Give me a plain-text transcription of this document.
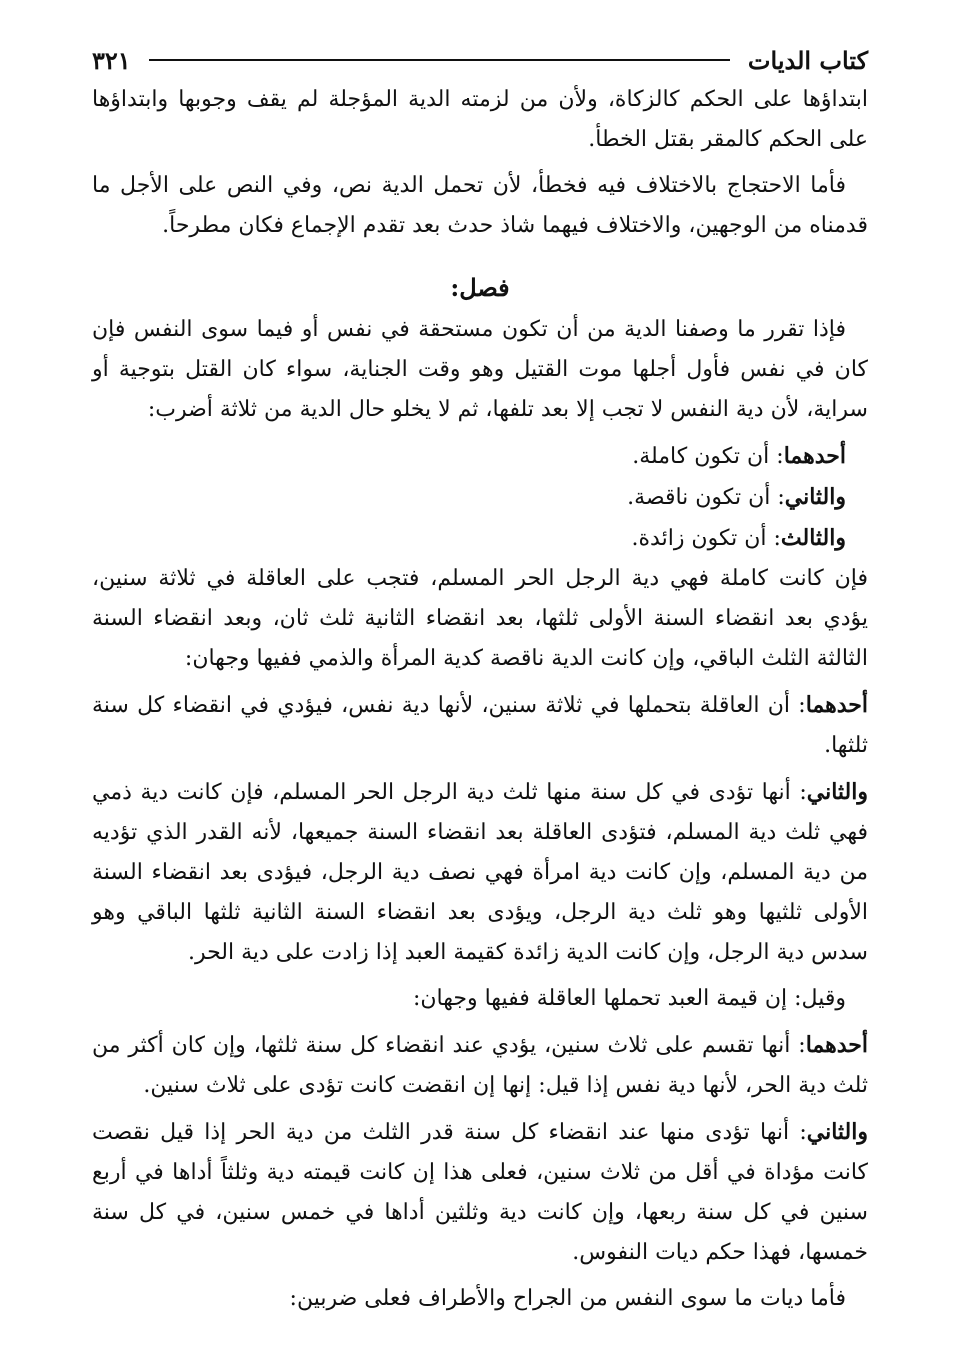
كتاب الديات
٣٢١

ابتداؤها على الحكم كالزكاة، ولأن من لزمته الدية المؤجلة لم يقف وجوبها وابتداؤها على الحكم كالمقر بقتل الخطأ.

فأما الاحتجاج بالاختلاف فيه فخطأ، لأن تحمل الدية نص، وفي النص على الأجل ما قدمناه من الوجهين، والاختلاف فيهما شاذ حدث بعد تقدم الإجماع فكان مطرحاً.

فصل:

فإذا تقرر ما وصفنا الدية من أن تكون مستحقة في نفس أو فيما سوى النفس فإن كان في نفس فأول أجلها موت القتيل وهو وقت الجناية، سواء كان القتل بتوجية أو سراية، لأن دية النفس لا تجب إلا بعد تلفها، ثم لا يخلو حال الدية من ثلاثة أضرب:

أحدهما: أن تكون كاملة.

والثاني: أن تكون ناقصة.

والثالث: أن تكون زائدة.

فإن كانت كاملة فهي دية الرجل الحر المسلم، فتجب على العاقلة في ثلاثة سنين، يؤدي بعد انقضاء السنة الأولى ثلثها، بعد انقضاء الثانية ثلث ثان، وبعد انقضاء السنة الثالثة الثلث الباقي، وإن كانت الدية ناقصة كدية المرأة والذمي ففيها وجهان:

أحدهما: أن العاقلة بتحملها في ثلاثة سنين، لأنها دية نفس، فيؤدي في انقضاء كل سنة ثلثها.

والثاني: أنها تؤدى في كل سنة منها ثلث دية الرجل الحر المسلم، فإن كانت دية ذمي فهي ثلث دية المسلم، فتؤدى العاقلة بعد انقضاء السنة جميعها، لأنه القدر الذي تؤديه من دية المسلم، وإن كانت دية امرأة فهي نصف دية الرجل، فيؤدى بعد انقضاء السنة الأولى ثلثيها وهو ثلث دية الرجل، ويؤدى بعد انقضاء السنة الثانية ثلثها الباقي وهو سدس دية الرجل، وإن كانت الدية زائدة كقيمة العبد إذا زادت على دية الحر.

وقيل: إن قيمة العبد تحملها العاقلة ففيها وجهان:

أحدهما: أنها تقسم على ثلاث سنين، يؤدي عند انقضاء كل سنة ثلثها، وإن كان أكثر من ثلث دية الحر، لأنها دية نفس إذا قيل: إنها إن انقضت كانت تؤدى على ثلاث سنين.

والثاني: أنها تؤدى منها عند انقضاء كل سنة قدر الثلث من دية الحر إذا قيل نقصت كانت مؤداة في أقل من ثلاث سنين، فعلى هذا إن كانت قيمته دية وثلثاً أداها في أربع سنين في كل سنة ربعها، وإن كانت دية وثلثين أداها في خمس سنين، في كل سنة خمسها، فهذا حكم ديات النفوس.

فأما ديات ما سوى النفس من الجراح والأطراف فعلى ضربين:
